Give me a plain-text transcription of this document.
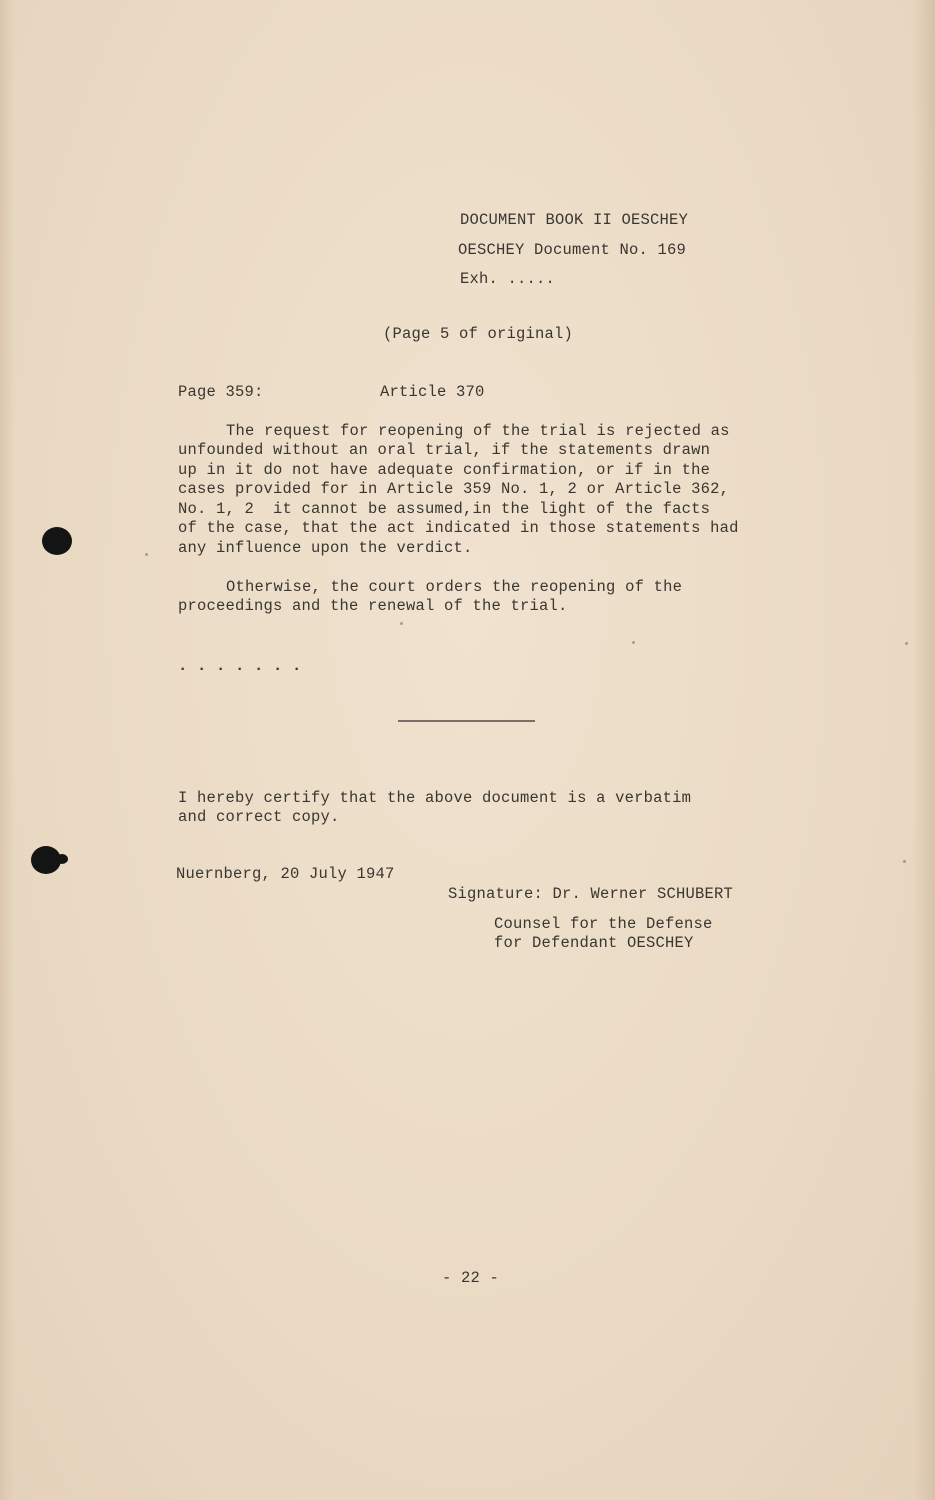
DOCUMENT BOOK II OESCHEY
OESCHEY Document No. 169
Exh. .....
(Page 5 of original)
Page 359:	Article 370
The request for reopening of the trial is rejected as
unfounded without an oral trial, if the statements drawn
up in it do not have adequate confirmation, or if in the
cases provided for in Article 359 No. 1, 2 or Article 362,
No. 1, 2  it cannot be assumed,in the light of the facts
of the case, that the act indicated in those statements had
any influence upon the verdict.
Otherwise, the court orders the reopening of the
proceedings and the renewal of the trial.
. . . . . . .
I hereby certify that the above document is a verbatim
and correct copy.
Nuernberg, 20 July 1947
Signature: Dr. Werner SCHUBERT
Counsel for the Defense
for Defendant OESCHEY
- 22 -
